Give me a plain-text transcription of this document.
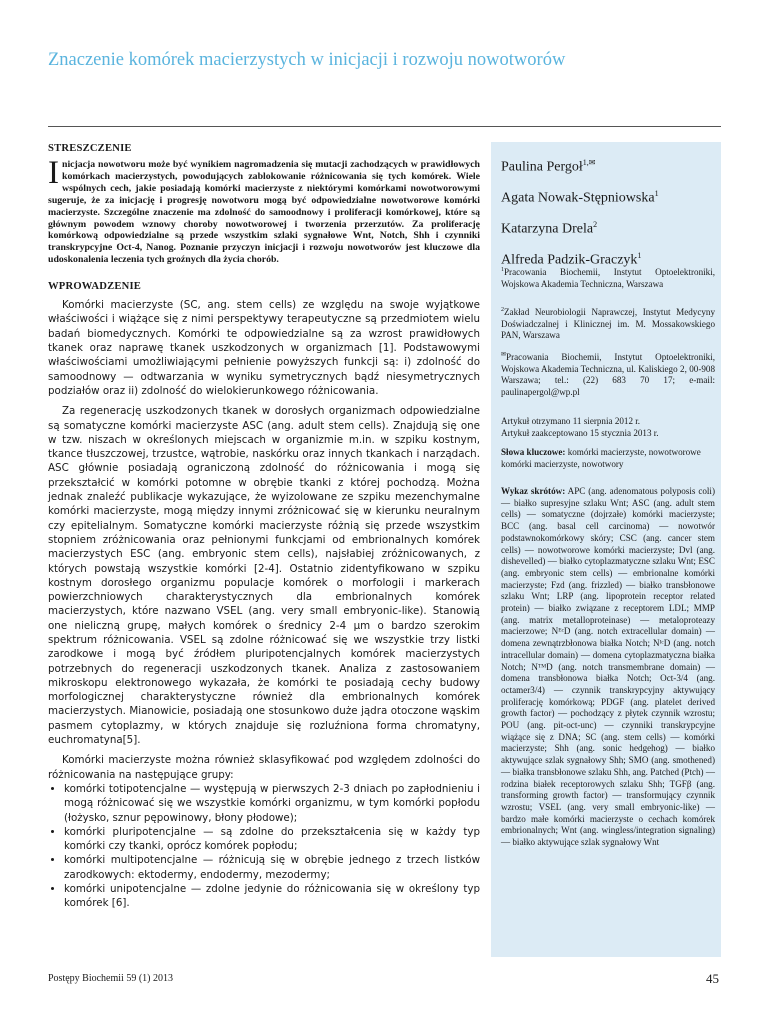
Znaczenie komórek macierzystych w inicjacji i rozwoju nowotworów
STRESZCZENIE
I nicjacja nowotworu może być wynikiem nagromadzenia się mutacji zachodzących w prawidłowych komórkach macierzystych, powodujących zablokowanie różnicowania się tych komórek. Wiele wspólnych cech, jakie posiadają komórki macierzyste z niektórymi komórkami nowotworowymi sugeruje, że za inicjację i progresję nowotworu mogą być odpowiedzialne nowotworowe komórki macierzyste. Szczególne znaczenie ma zdolność do samoodnowy i proliferacji komórkowej, które są głównym powodem wznowy choroby nowotworowej i tworzenia przerzutów. Za proliferację komórkową odpowiedzialne są przede wszystkim szlaki sygnałowe Wnt, Notch, Shh i czynniki transkrypcyjne Oct-4, Nanog. Poznanie przyczyn inicjacji i rozwoju nowotworów jest kluczowe dla udoskonalenia leczenia tych groźnych dla życia chorób.
WPROWADZENIE

Komórki macierzyste (SC, ang. stem cells) ze względu na swoje wyjątkowe właściwości i wiążące się z nimi perspektywy terapeutyczne są przedmiotem wielu badań biomedycznych. Komórki te odpowiedzialne są za wzrost prawidłowych tkanek oraz naprawę tkanek uszkodzonych w organizmach [1]. Podstawowymi właściwościami umożliwiającymi pełnienie powyższych funkcji są: i) zdolność do samoodnowy — odtwarzania w wyniku symetrycznych bądź niesymetrycznych podziałów oraz ii) zdolność do wielokierunkowego różnicowania.

Za regenerację uszkodzonych tkanek w dorosłych organizmach odpowiedzialne są somatyczne komórki macierzyste ASC (ang. adult stem cells). Znajdują się one w tzw. niszach w określonych miejscach w organizmie m.in. w szpiku kostnym, tkance tłuszczowej, trzustce, wątrobie, naskórku oraz innych tkankach i narządach. ASC głównie posiadają ograniczoną zdolność do różnicowania i mogą się przekształcić w komórki potomne w obrębie tkanki z której pochodzą. Można jednak znaleźć publikacje wykazujące, że wyizolowane ze szpiku mezenchymalne komórki macierzyste, mogą między innymi zróżnicować się w kierunku neuralnym czy epitelialnym. Somatyczne komórki macierzyste różnią się przede wszystkim stopniem zróżnicowania oraz pełnionymi funkcjami od embrionalnych komórek macierzystych ESC (ang. embryonic stem cells), najsłabiej zróżnicowanych, z których powstają wszystkie komórki [2-4]. Ostatnio zidentyfikowano w szpiku kostnym dorosłego organizmu populacje komórek o morfologii i markerach powierzchniowych charakterystycznych dla embrionalnych komórek macierzystych, które nazwano VSEL (ang. very small embryonic-like). Stanowią one nieliczną grupę, małych komórek o średnicy 2-4 µm o bardzo szerokim spektrum różnicowania. VSEL są zdolne różnicować się we wszystkie trzy listki zarodkowe i mogą być źródłem pluripotencjalnych komórek macierzystych potrzebnych do regeneracji uszkodzonych tkanek. Analiza z zastosowaniem mikroskopu elektronowego wykazała, że komórki te posiadają cechy budowy morfologicznej charakterystyczne również dla embrionalnych komórek macierzystych. Mianowicie, posiadają one stosunkowo duże jądra otoczone wąskim pasmem cytoplazmy, w których znajduje się rozluźniona forma chromatyny, euchromatyna[5].

Komórki macierzyste można również sklasyfikować pod względem zdolności do różnicowania na następujące grupy:

• komórki totipotencjalne — występują w pierwszych 2-3 dniach po zapłodnieniu i mogą różnicować się we wszystkie komórki organizmu, w tym komórki popłodu (łożysko, sznur pępowinowy, błony płodowe);
• komórki pluripotencjalne — są zdolne do przekształcenia się w każdy typ komórki czy tkanki, oprócz komórek popłodu;
• komórki multipotencjalne — różnicują się w obrębie jednego z trzech listków zarodkowych: ektodermy, endodermy, mezodermy;
• komórki unipotencjalne — zdolne jedynie do różnicowania się w określony typ komórek [6].
Paulina Pergoł$^{1,✉}$
Agata Nowak-Stępniowska$^1$
Katarzyna Drela$^2$
Alfreda Padzik-Graczyk$^1$
$^1$Pracowania Biochemii, Instytut Optoelektroniki, Wojskowa Akademia Techniczna, Warszawa
$^2$Zakład Neurobiologii Naprawczej, Instytut Medycyny Doświadczalnej i Klinicznej im. M. Mossakowskiego PAN, Warszawa
✉Pracowania Biochemii, Instytut Optoelektroniki, Wojskowa Akademia Techniczna, ul. Kaliskiego 2, 00-908 Warszawa; tel.: (22) 683 70 17; e-mail: paulinapergol@wp.pl
Artykuł otrzymano 11 sierpnia 2012 r.
Artykuł zaakceptowano 15 stycznia 2013 r.
Słowa kluczowe: komórki macierzyste, nowotworowe komórki macierzyste, nowotwory
Wykaz skrótów: APC (ang. adenomatous polyposis coli) — białko supresyjne szlaku Wnt; ASC (ang. adult stem cells) — somatyczne (dojrzałe) komórki macierzyste; BCC (ang. basal cell carcinoma) — nowotwór podstawnokomórkowy skóry; CSC (ang. cancer stem cells) — nowotworowe komórki macierzyste; Dvl (ang. dishevelled) — białko cytoplazmatyczne szlaku Wnt; ESC (ang. embryonic stem cells) — embrionalne komórki macierzyste; Fzd (ang. frizzled) — białko transbłonowe szlaku Wnt; LRP (ang. lipoprotein receptor related protein) — białko związane z receptorem LDL; MMP (ang. matrix metalloproteinase) — metaloproteazy macierzowe; NᴱᶜD (ang. notch extracellular domain) — domena zewnątrzbłonowa białka Notch; NᴵᶜD (ang. notch intracellular domain) — domena cytoplazmatyczna białka Notch; NᵀᴹD (ang. notch transmembrane domain) — domena transbłonowa białka Notch; Oct-3/4 (ang. octamer3/4) — czynnik transkrypcyjny aktywujący proliferację komórkową; PDGF (ang. platelet derived growth factor) — pochodzący z płytek czynnik wzrostu; POU (ang. pit-oct-unc) — czynniki transkrypcyjne wiążące się z DNA; SC (ang. stem cells) — komórki macierzyste; Shh (ang. sonic hedgehog) — białko aktywujące szlak sygnałowy Shh; SMO (ang. smothened) — białka transbłonowe szlaku Shh, ang. Patched (Ptch) — rodzina białek receptorowych szlaku Shh; TGFβ (ang. transforming growth factor) — transformujący czynnik wzrostu; VSEL (ang. very small embryonic-like) — bardzo małe komórki macierzyste o cechach komórek embrionalnych; Wnt (ang. wingless/integration signaling) — białko aktywujące szlak sygnałowy Wnt
Postępy Biochemii 59 (1) 2013	45
